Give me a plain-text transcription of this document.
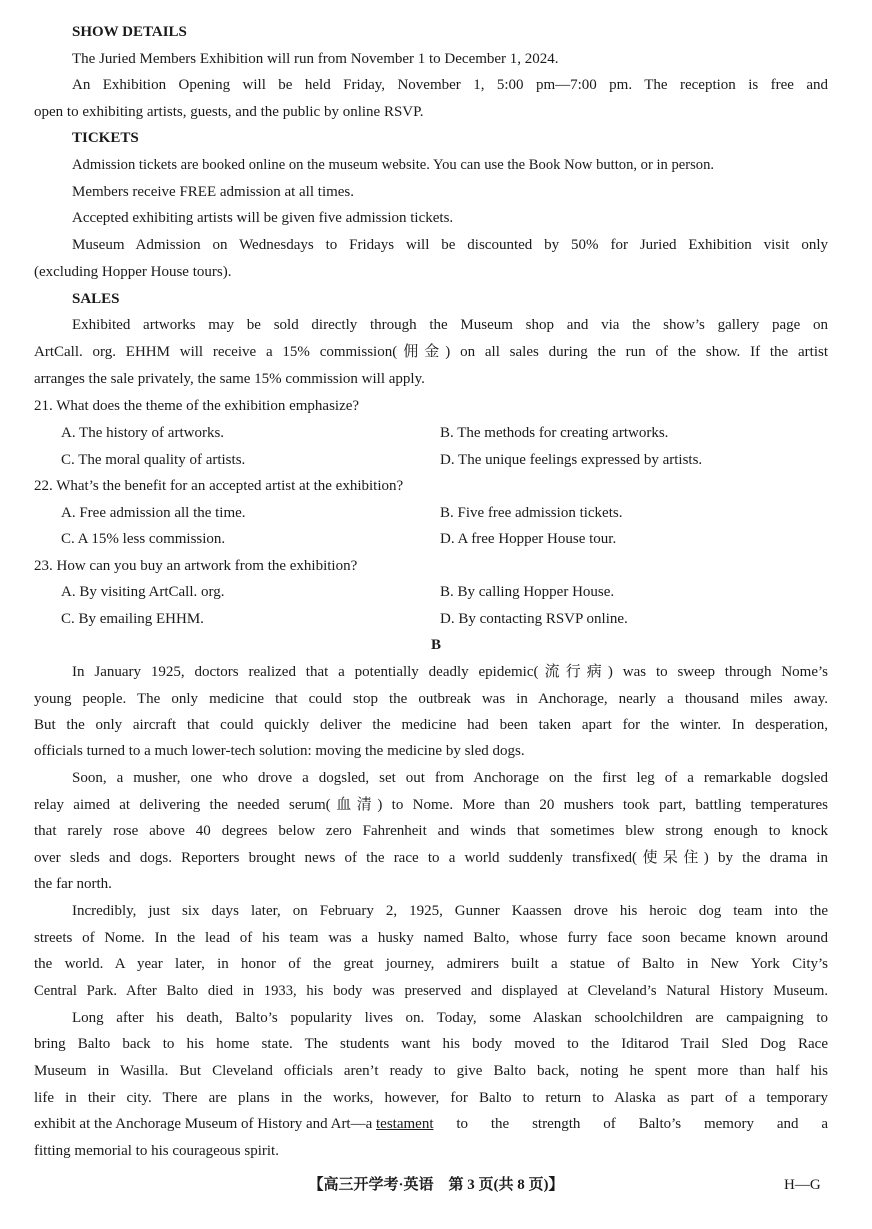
SHOW DETAILS
The Juried Members Exhibition will run from November 1 to December 1, 2024.
An Exhibition Opening will be held Friday, November 1, 5:00 pm—7:00 pm. The reception is free and
open to exhibiting artists, guests, and the public by online RSVP.
TICKETS
Admission tickets are booked online on the museum website. You can use the Book Now button, or in person.
Members receive FREE admission at all times.
Accepted exhibiting artists will be given five admission tickets.
Museum Admission on Wednesdays to Fridays will be discounted by 50% for Juried Exhibition visit only
(excluding Hopper House tours).
SALES
Exhibited artworks may be sold directly through the Museum shop and via the show’s gallery page on
ArtCall. org. EHHM will receive a 15% commission(佣金) on all sales during the run of the show. If the artist
arranges the sale privately, the same 15% commission will apply.
21. What does the theme of the exhibition emphasize?
A. The history of artworks.	B. The methods for creating artworks.
C. The moral quality of artists.	D. The unique feelings expressed by artists.
22. What’s the benefit for an accepted artist at the exhibition?
A. Free admission all the time.	B. Five free admission tickets.
C. A 15% less commission.	D. A free Hopper House tour.
23. How can you buy an artwork from the exhibition?
A. By visiting ArtCall. org.	B. By calling Hopper House.
C. By emailing EHHM.	D. By contacting RSVP online.
B
In January 1925, doctors realized that a potentially deadly epidemic(流行病) was to sweep through Nome’s
young people. The only medicine that could stop the outbreak was in Anchorage, nearly a thousand miles away.
But the only aircraft that could quickly deliver the medicine had been taken apart for the winter. In desperation,
officials turned to a much lower-tech solution: moving the medicine by sled dogs.
Soon, a musher, one who drove a dogsled, set out from Anchorage on the first leg of a remarkable dogsled
relay aimed at delivering the needed serum(血清) to Nome. More than 20 mushers took part, battling temperatures
that rarely rose above 40 degrees below zero Fahrenheit and winds that sometimes blew strong enough to knock
over sleds and dogs. Reporters brought news of the race to a world suddenly transfixed(使呆住) by the drama in
the far north.
Incredibly, just six days later, on February 2, 1925, Gunner Kaassen drove his heroic dog team into the
streets of Nome. In the lead of his team was a husky named Balto, whose furry face soon became known around
the world. A year later, in honor of the great journey, admirers built a statue of Balto in New York City’s
Central Park. After Balto died in 1933, his body was preserved and displayed at Cleveland’s Natural History Museum.
Long after his death, Balto’s popularity lives on. Today, some Alaskan schoolchildren are campaigning to
bring Balto back to his home state. The students want his body moved to the Iditarod Trail Sled Dog Race
Museum in Wasilla. But Cleveland officials aren’t ready to give Balto back, noting he spent more than half his
life in their city. There are plans in the works, however, for Balto to return to Alaska as part of a temporary
exhibit at the Anchorage Museum of History and Art—a testament to the strength of Balto’s memory and a
fitting memorial to his courageous spirit.
【高三开学考·英语　第 3 页(共 8 页)】	H—G
